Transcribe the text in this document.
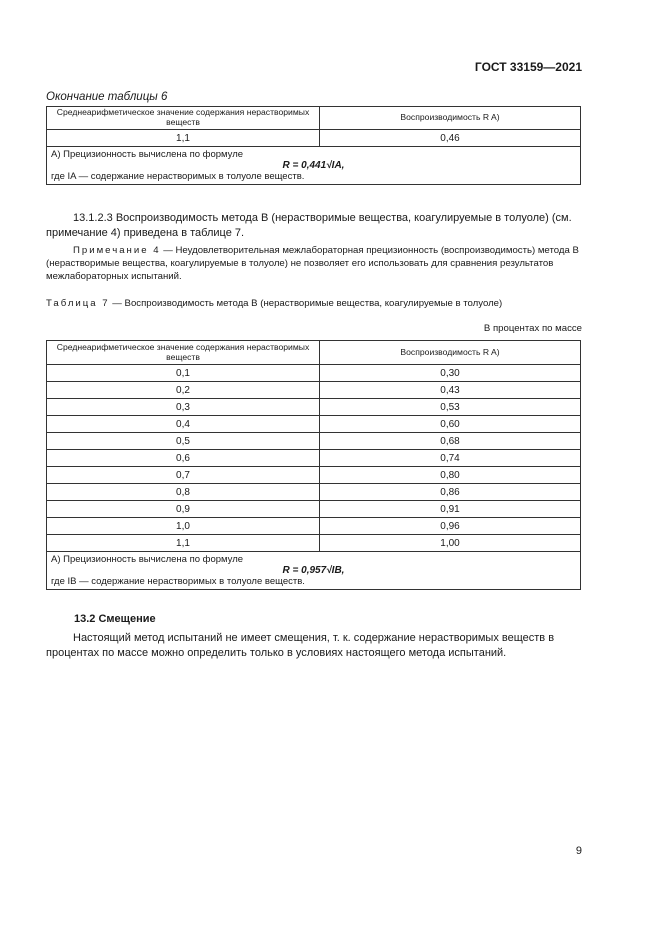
ГОСТ 33159—2021
Окончание таблицы 6
Среднеарифметическое значение содержания нерастворимых веществ	Воспроизводимость R A)
1,1	0,46

A) Прецизионность вычислена по формуле
R = 0,441√IA,
где IA — содержание нерастворимых в толуоле веществ.	
13.1.2.3 Воспроизводимость метода В (нерастворимые вещества, коагулируемые в толуоле) (см. примечание 4) приведена в таблице 7.
Примечание 4 — Неудовлетворительная межлабораторная прецизионность (воспроизводимость) метода В (нерастворимые вещества, коагулируемые в толуоле) не позволяет его использовать для сравнения результатов межлабораторных испытаний.
Таблица 7 — Воспроизводимость метода В (нерастворимые вещества, коагулируемые в толуоле)
В процентах по массе
Среднеарифметическое значение содержания нерастворимых веществ	Воспроизводимость R A)
0,1	0,30
0,2	0,43
0,3	0,53
0,4	0,60
0,5	0,68
0,6	0,74
0,7	0,80
0,8	0,86
0,9	0,91
1,0	0,96
1,1	1,00

A) Прецизионность вычислена по формуле
R = 0,957√IB,
где IB — содержание нерастворимых в толуоле веществ.	
13.2 Смещение
Настоящий метод испытаний не имеет смещения, т. к. содержание нерастворимых веществ в процентах по массе можно определить только в условиях настоящего метода испытаний.
9
